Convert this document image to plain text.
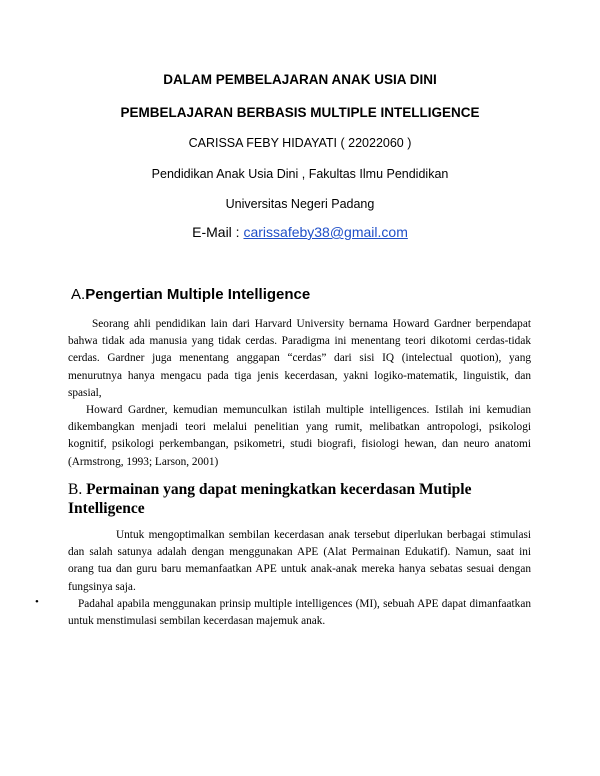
DALAM PEMBELAJARAN ANAK USIA DINI
PEMBELAJARAN BERBASIS MULTIPLE INTELLIGENCE
CARISSA FEBY HIDAYATI ( 22022060 )
Pendidikan Anak Usia Dini , Fakultas Ilmu Pendidikan
Universitas Negeri Padang
E-Mail : carissafeby38@gmail.com
A.Pengertian Multiple Intelligence

Seorang ahli pendidikan lain dari Harvard University bernama Howard Gardner berpendapat bahwa tidak ada manusia yang tidak cerdas. Paradigma ini menentang teori dikotomi cerdas-tidak cerdas. Gardner juga menentang anggapan “cerdas” dari sisi IQ (intelectual quotion), yang menurutnya hanya mengacu pada tiga jenis kecerdasan, yakni logiko-matematik, linguistik, dan spasial,

Howard Gardner, kemudian memunculkan istilah multiple intelligences. Istilah ini kemudian dikembangkan menjadi teori melalui penelitian yang rumit, melibatkan antropologi, psikologi kognitif, psikologi perkembangan, psikometri, studi biografi, fisiologi hewan, dan neuro anatomi (Armstrong, 1993; Larson, 2001)

B. Permainan yang dapat meningkatkan kecerdasan Mutiple Intelligence

Untuk mengoptimalkan sembilan kecerdasan anak tersebut diperlukan berbagai stimulasi dan salah satunya adalah dengan menggunakan APE (Alat Permainan Edukatif). Namun, saat ini orang tua dan guru baru memanfaatkan APE untuk anak-anak mereka hanya sebatas sesuai dengan fungsinya saja.

•	Padahal apabila menggunakan prinsip multiple intelligences (MI), sebuah APE dapat dimanfaatkan untuk menstimulasi sembilan kecerdasan majemuk anak.
